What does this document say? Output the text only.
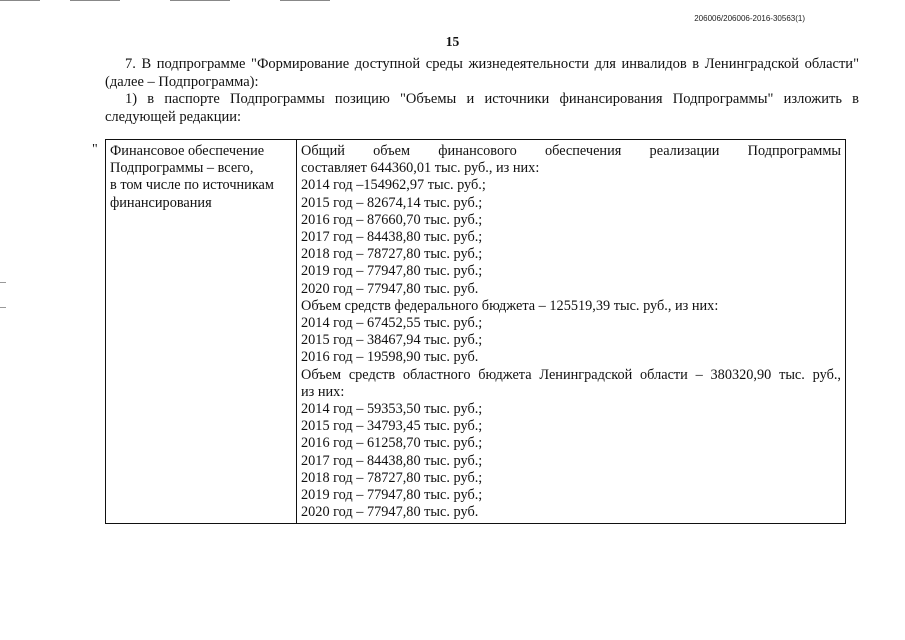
206006/206006-2016-30563(1)
15

7. В подпрограмме "Формирование доступной среды жизнедеятельности для инвалидов в Ленинградской области" (далее – Подпрограмма):

1) в паспорте Подпрограммы позицию "Объемы и источники финансирования Подпрограммы" изложить в следующей редакции:

" Финансовое обеспечение
Подпрограммы – всего,
в том числе по источникам
финансирования

Общий объем финансового обеспечения реализации Подпрограммы
составляет 644360,01 тыс. руб., из них:
2014 год –154962,97 тыс. руб.;
2015 год – 82674,14 тыс. руб.;
2016 год – 87660,70 тыс. руб.;
2017 год – 84438,80 тыс. руб.;
2018 год – 78727,80 тыс. руб.;
2019 год – 77947,80 тыс. руб.;
2020 год – 77947,80 тыс. руб.
Объем средств федерального бюджета – 125519,39 тыс. руб., из них:
2014 год – 67452,55 тыс. руб.;
2015 год – 38467,94 тыс. руб.;
2016 год – 19598,90 тыс. руб.
Объем средств областного бюджета Ленинградской области – 380320,90 тыс. руб.,
из них:
2014 год – 59353,50 тыс. руб.;
2015 год – 34793,45 тыс. руб.;
2016 год – 61258,70 тыс. руб.;
2017 год – 84438,80 тыс. руб.;
2018 год – 78727,80 тыс. руб.;
2019 год – 77947,80 тыс. руб.;
2020 год – 77947,80 тыс. руб.
